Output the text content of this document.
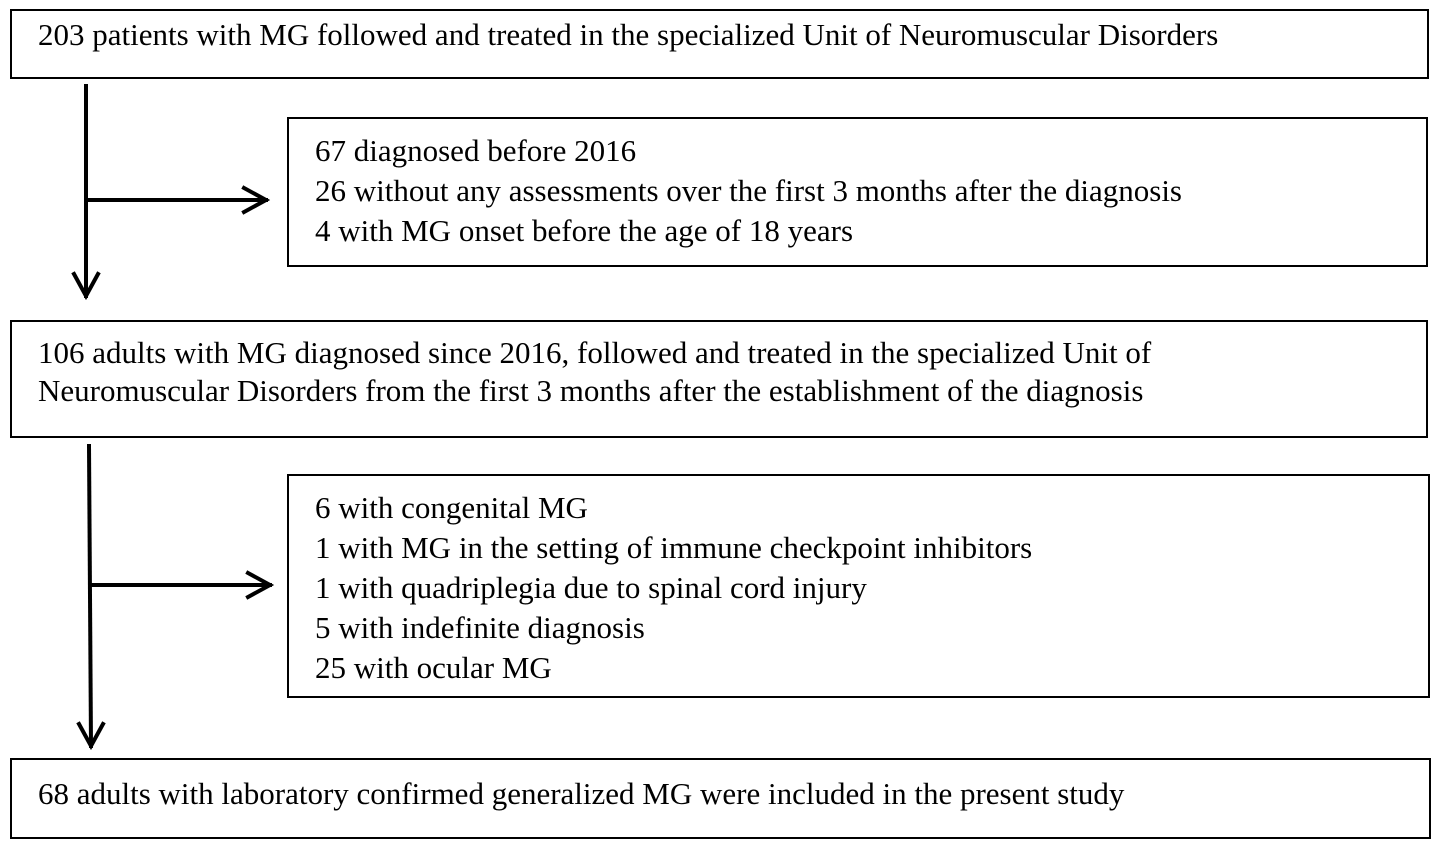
203 patients with MG followed and treated in the specialized Unit of Neuromuscular Disorders
67 diagnosed before 2016
26 without any assessments over the first 3 months after the diagnosis
4 with MG onset before the age of 18 years
106 adults with MG diagnosed since 2016, followed and treated in the specialized Unit of
Neuromuscular Disorders from the first 3 months after the establishment of the diagnosis
6 with congenital MG
1 with MG in the setting of immune checkpoint inhibitors
1 with quadriplegia due to spinal cord injury
5 with indefinite diagnosis
25 with ocular MG
68 adults with laboratory confirmed generalized MG were included in the present study
